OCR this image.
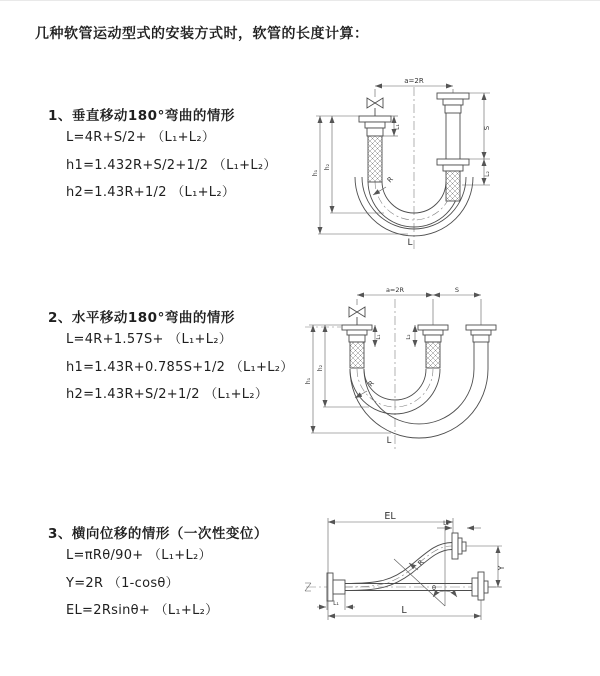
几种软管运动型式的安装方式时，软管的长度计算：
1、垂直移动180°弯曲的情形
L=4R+S/2+ （L₁+L₂）
h1=1.432R+S/2+1/2 （L₁+L₂）
h2=1.43R+1/2 （L₁+L₂）
2、水平移动180°弯曲的情形
L=4R+1.57S+ （L₁+L₂）
h1=1.43R+0.785S+1/2 （L₁+L₂）
h2=1.43R+S/2+1/2 （L₁+L₂）
3、横向位移的情形（一次性变位）
L=πRθ/90+ （L₁+L₂）
Y=2R （1-cosθ）
EL=2Rsinθ+ （L₁+L₂）
a=2R
S
L₂
L₁
h₁
h₂
R
L
a=2R	S
L₁	L₂
h₁
h₂
R
L
θ
EL
L₁
Y
R
L
L₁
